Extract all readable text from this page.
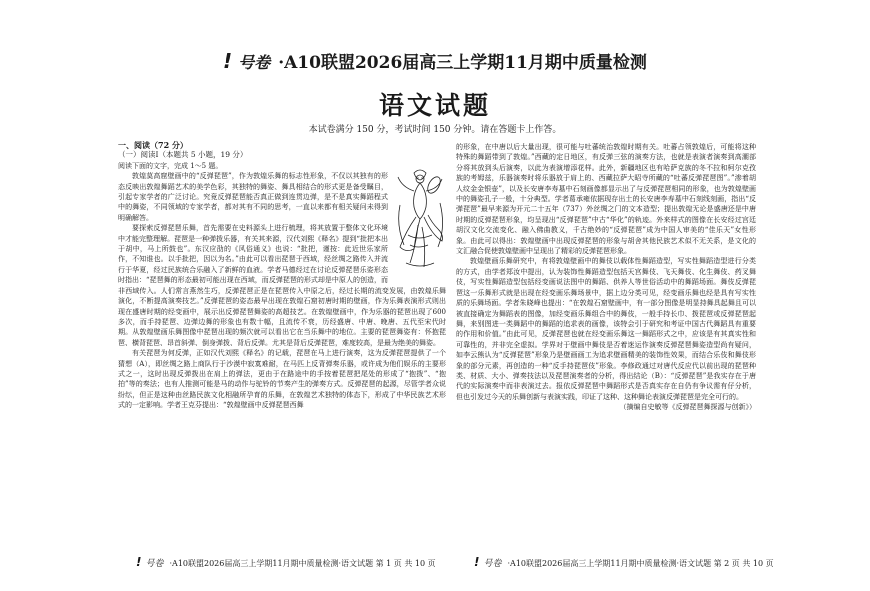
! 号卷 ·A10联盟2026届高三上学期11月期中质量检测
语文试题
本试卷满分 150 分，考试时间 150 分钟。请在答题卡上作答。

一、阅读（72 分）

（一）阅读Ⅰ（本题共 5 小题，19 分）

阅读下面的文字，完成 1～5 题。

敦煌莫高窟壁画中的“反弹琵琶”，作为敦煌乐舞的标志性形象，不仅以其独有的形态反映出敦煌舞蹈艺术的美学色彩，其独特的舞姿、舞具相结合的形式更是备受瞩目，引起专家学者的广泛讨论。究竟反弹琵琶能否真正做到连贯边弹，是不是真实舞蹈程式中的舞姿，不同领域的专家学者，都对其有不同的思考，一直以来都有相关疑问未得到明确解答。

要探索反弹琵琶乐舞，首先需要在史料源头上进行梳理，将其放置于整体文化环境中才能完整理解。琵琶是一种弹拨乐器，有关其来源，汉代刘熙《释名》提到“批把本出于胡中，马上所鼓也”。东汉应劭的《风俗通义》也说：“批把，谨按：此近世乐家所作，不知谁也。以手批把，因以为名。”由此可以看出琵琶于西域，经丝绸之路传入并流行于华夏，经过民族统合乐融入了新鲜的血液。学者马德经过在讨论反弹琵琶乐姿形态时指出：“琵琶舞的形态最初可能出现在西域，而反弹琵琶的形式却是中原人的创造，而非西域传入。人们常言燕然生巧，反弹琵琶正是在琵琶传入中原之后，经过长期的流变发展，由敦煌乐舞演化，不断提高演奏技艺。”反弹琵琶的姿态最早出现在敦煌石窟初唐时期的壁画，作为乐舞表演形式则出现在盛唐时期的经变画中，展示出反弹琵琶舞姿的高超技艺。在敦煌壁画中，作为乐器的琵琶出现了600多次，而手持琵琶、边弹边舞的形象也有数十幅，且流传不衰，历经盛唐、中唐、晚唐、五代至宋代时期。从敦煌壁画乐舞图像中琵琶出现的频次就可以看出它在当乐舞中的地位。主要的琵琶舞姿有：怀抱琵琶、横背琵琶、昂首斜弹、倒身弹拨、背后反弹。尤其是背后反弹琵琶，难度较高，是最为绝美的舞姿。

有关琵琶为何反弹，正如汉代刘熙《释名》的记载，琵琶在马上进行演奏，这为反弹琵琶提供了一个猜想（A），即丝绸之路上商队行于沙漠中寂寞难耐，在马匹上反背弹奏乐器，或许成为他们娱乐的主要形式之一，这时出现反弹拨出在肩上的弹法，更由于在路途中的手按着琵琶把尾处的形成了“抱拨”、“抱拍”等的奏法；也有人推测可能是马的动作与驼铃的节奏产生的弹奏方式。反弹琵琶的起源，尽管学者众说纷纭，但正是这种由丝路民族文化相融所孕育的乐舞，在敦煌艺术独特的体态下，形成了中华民族艺术形式的一定影响。学者王克芬提出：“敦煌壁画中反弹琵琶西舞

的形象，在中唐以后大量出现，很可能与吐蕃统治敦煌时期有关。吐蕃占领敦煌后，可能将这种特殊的舞蹈带到了敦煌。”西藏的定日地区，有反弹三弦的演奏方法，也就是表演者演奏到高潮部分将其放到头后演奏，以此为表演增添花样。此外，新疆地区也有哈萨克族的冬不拉和柯尔克孜族的考姆兹，乐器演奏时将乐器放于肩上的、西藏拉萨大昭寺所藏的“吐蕃反弹琵琶图”。”渗着胡人纹金金银壶”，以及长安唐李寿墓中石刻画像都显示出了与反弹琵琶相同的形象，也为敦煌壁画中的舞姿孔子一般，十分典型。学者葛承雍依据现存出土的长安唐李寿墓中石刻线刻画，指出“反弹琵琶”最早来源为开元二十五年（737）外丝绸之门的文本造型；提出敦煌无论是盛唐还是中唐时期的反弹琵琶形象，均呈现出“反弹琵琶”中古“华化”的轨迹。外来样式的图像在长安经过宫廷胡汉文化交流变化、融入佛曲教义，千古绝妙的“反弹琵琶”成为中国人审美的“佳乐天”女性形象。由此可以得出：敦煌壁画中出现反弹琵琶的形象与胡舍其他民族艺术似不无关系，是文化的文汇融合促使敦煌壁画中呈现出了精彩的反弹琵琶形象。

敦煌壁画乐舞研究中，有将敦煌壁画中的舞伎以载体性舞蹈造型，写实性舞蹈造型进行分类的方式，由学者郑汝中提出，认为装饰性舞蹈造型包括天宫舞伎、飞天舞伎、化生舞伎、药叉舞伎，写实性舞蹈造型包括经变画说法图中的舞蹈、供养人等世俗活动中的舞蹈场面。舞伎反弹琵琶这一乐舞形式就是出现在经变画乐舞场景中，据上边分类可见，经变画乐舞也经是具有写实性质的乐舞场面。学者朱晓峰也提出：“在敦煌石窟壁画中，有一部分图像是明显持舞具起舞且可以被直接确定为舞蹈表的图像，加经变画乐舞组合中的舞伎，一般手持长巾、拨琵琶或反弹琵琶起舞，来别图进一类舞蹈中的舞蹈的追求表的画像，该特会引于研究和考证中国古代舞蹈具有重要的作用和价值。”由此可见，反弹琵琶也就在经变画乐舞这一舞蹈形式之中，应该是有其真实性和可靠性的，并非完全虚拟。学界对于壁画中舞伎是否着迷运作演奏反弹琵琶舞姿造型尚有疑问，如李云熊认为“反弹琵琶”形象乃是壁画画工为追求壁画精美的装饰性效果，而结合乐伎和舞伎形象的部分元素，再创造的一种“反手持琵琶伎”形象。李修政通过对唐代反应代以前出现的琵琶种类、材质、大小、弹奏技法以及琵琶演奏者的分析，得出结论（B）：“反弹琵琶”是我实存在于唐代的实际演奏中而非表演过去。报依反弹琵琶中舞蹈形式是否真实存在自仍有争议需有仔分析，但也引发过今天的乐舞创新与表演实践，印证了这种、这种舞论表演反弹琵琶是完全可行的。

（摘编自史敏等《反弹琵琶舞探源与创新》）

! 号卷 ·A10联盟2026届高三上学期11月期中质量检测·语文试题 第 1 页 共 10 页	! 号卷 ·A10联盟2026届高三上学期11月期中质量检测·语文试题 第 2 页 共 10 页
